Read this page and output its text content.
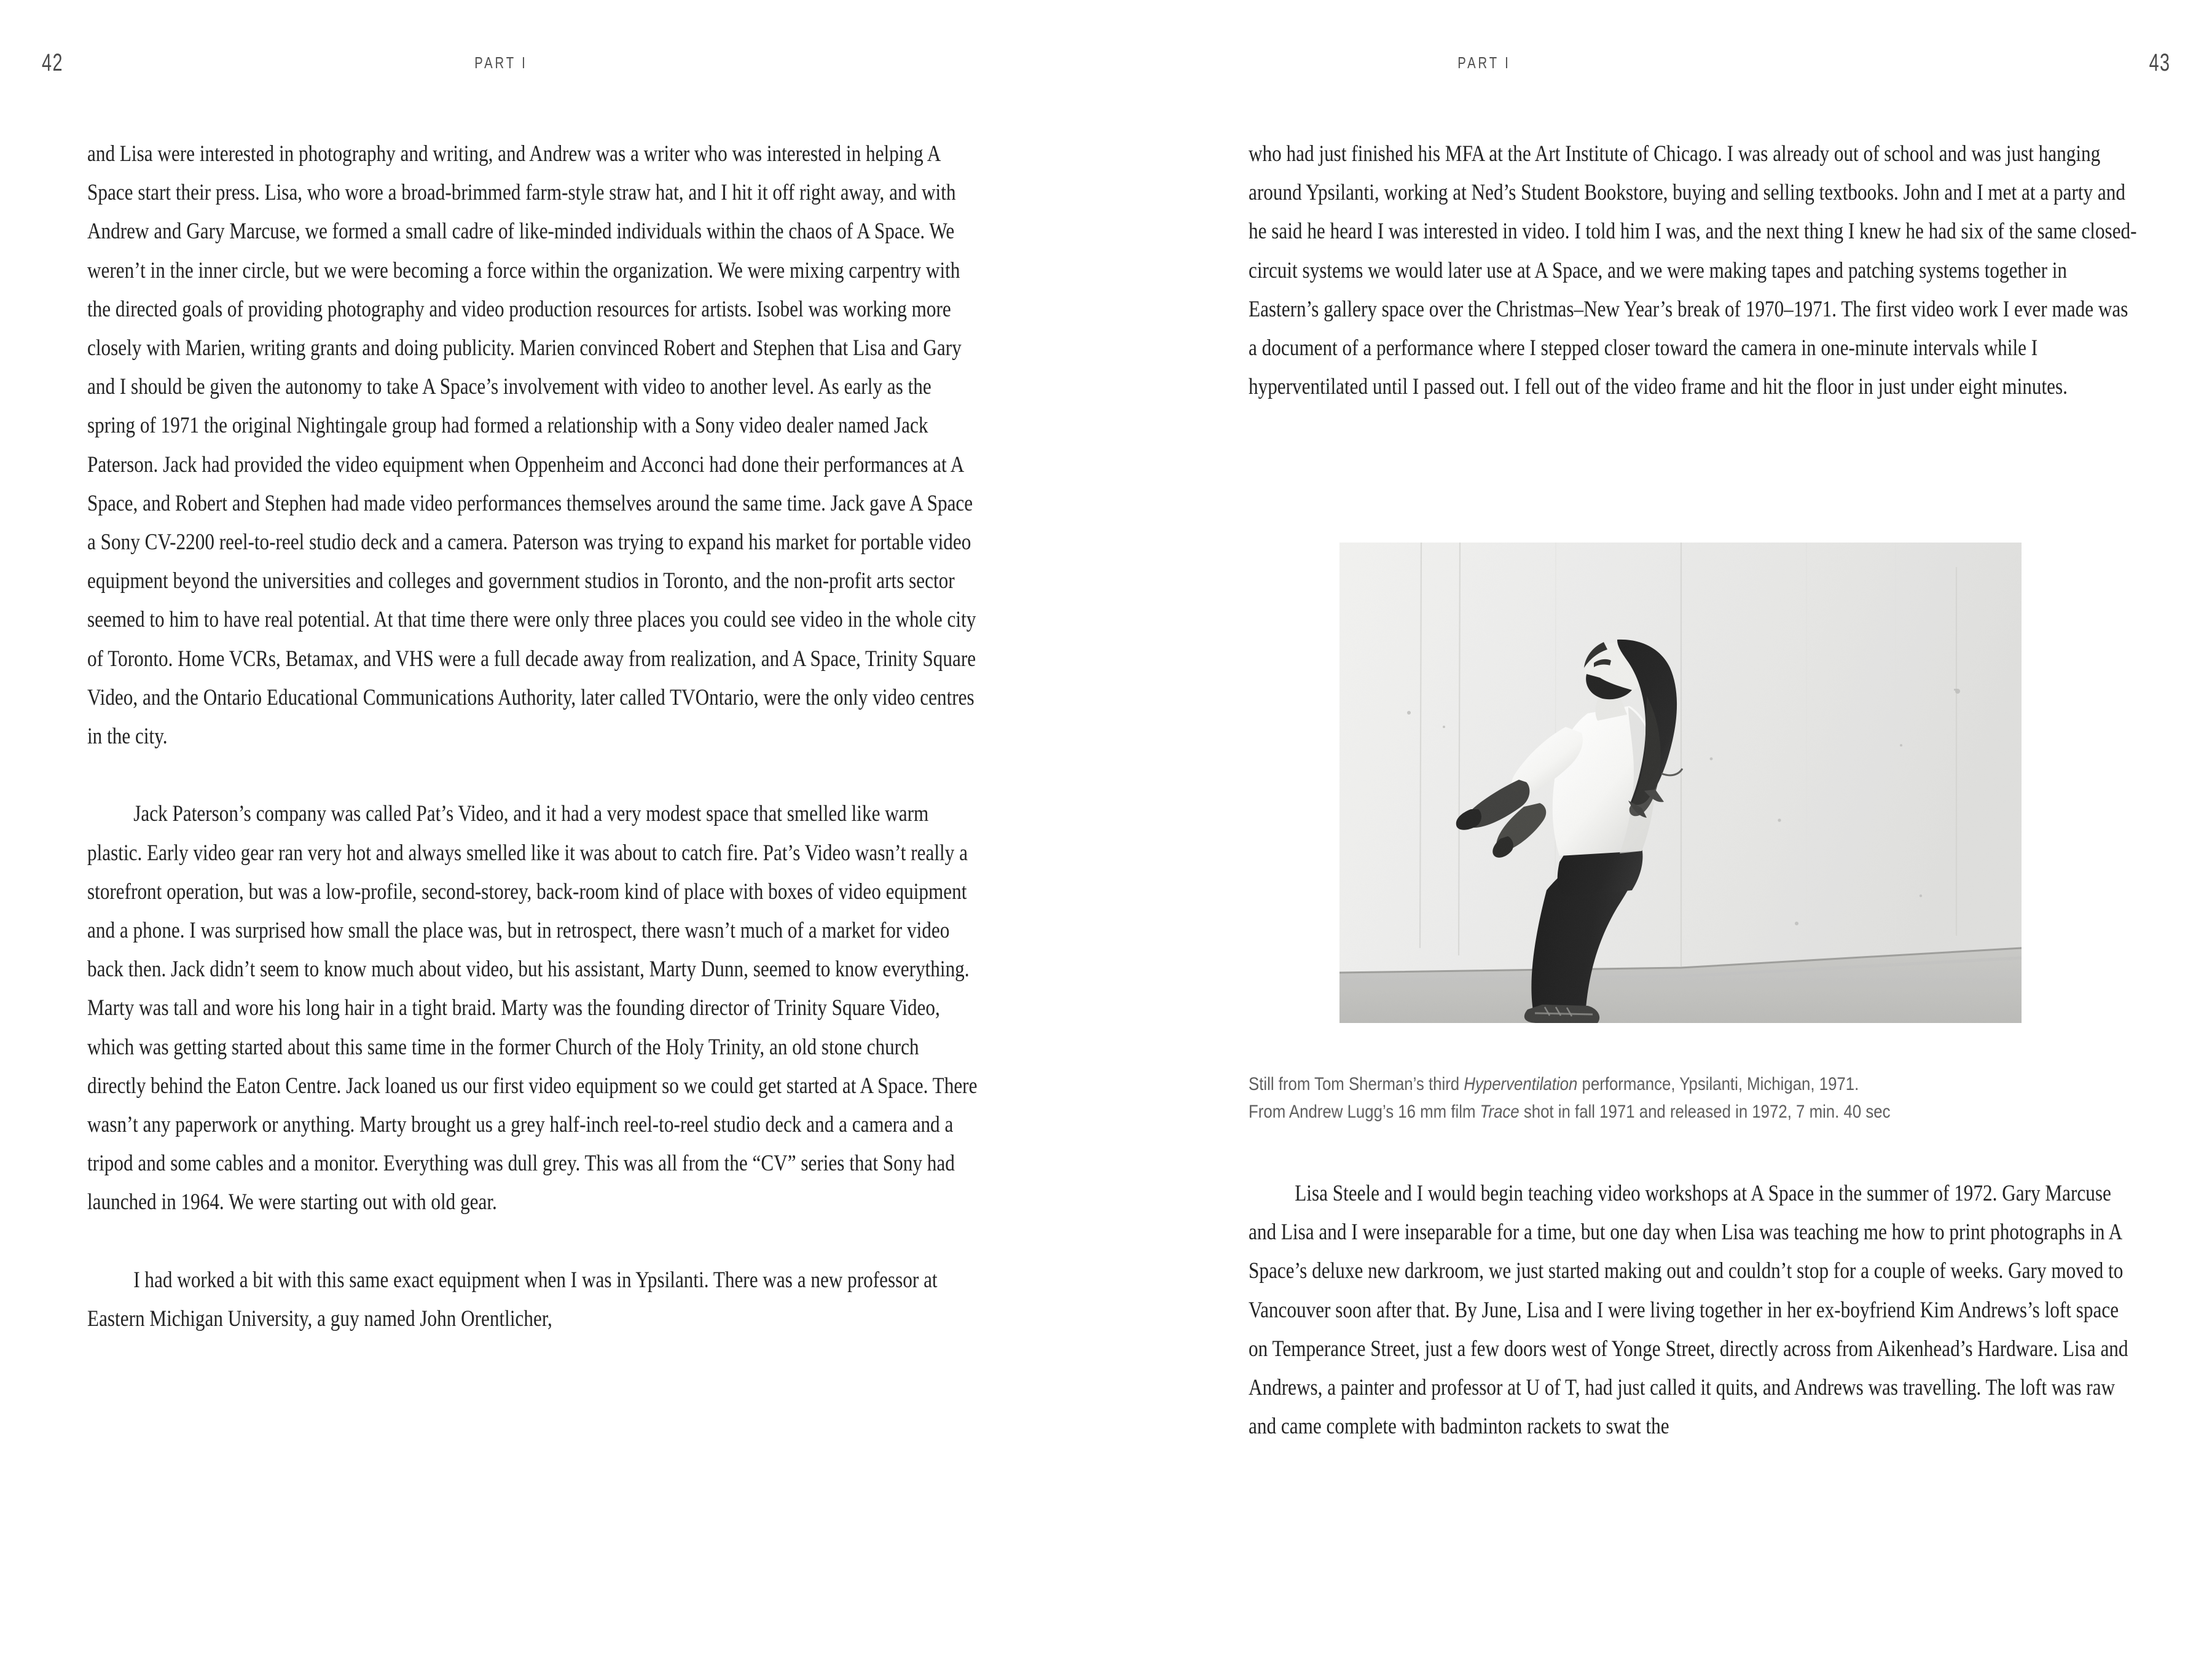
42	PART I

and Lisa were interested in photography and writing, and Andrew was a writer who was interested in helping A Space start their press. Lisa, who wore a broad-brimmed farm-style straw hat, and I hit it off right away, and with Andrew and Gary Marcuse, we formed a small cadre of like-minded individuals within the chaos of A Space. We weren’t in the inner circle, but we were becoming a force within the organization. We were mixing carpentry with the directed goals of providing photography and video production resources for artists. Isobel was working more closely with Marien, writing grants and doing publicity. Marien convinced Robert and Stephen that Lisa and Gary and I should be given the autonomy to take A Space’s involvement with video to another level. As early as the spring of 1971 the original Nightingale group had formed a relationship with a Sony video dealer named Jack Paterson. Jack had provided the video equipment when Oppenheim and Acconci had done their performances at A Space, and Robert and Stephen had made video performances themselves around the same time. Jack gave A Space a Sony CV-2200 reel-to-reel studio deck and a camera. Paterson was trying to expand his market for portable video equipment beyond the universities and colleges and government studios in Toronto, and the non-profit arts sector seemed to him to have real potential. At that time there were only three places you could see video in the whole city of Toronto. Home VCRs, Betamax, and VHS were a full decade away from realization, and A Space, Trinity Square Video, and the Ontario Educational Communications Authority, later called TVOntario, were the only video centres in the city.

Jack Paterson’s company was called Pat’s Video, and it had a very modest space that smelled like warm plastic. Early video gear ran very hot and always smelled like it was about to catch fire. Pat’s Video wasn’t really a storefront operation, but was a low-profile, second-storey, back-room kind of place with boxes of video equipment and a phone. I was surprised how small the place was, but in retrospect, there wasn’t much of a market for video back then. Jack didn’t seem to know much about video, but his assistant, Marty Dunn, seemed to know everything. Marty was tall and wore his long hair in a tight braid. Marty was the founding director of Trinity Square Video, which was getting started about this same time in the former Church of the Holy Trinity, an old stone church directly behind the Eaton Centre. Jack loaned us our first video equipment so we could get started at A Space. There wasn’t any paperwork or anything. Marty brought us a grey half-inch reel-to-reel studio deck and a camera and a tripod and some cables and a monitor. Everything was dull grey. This was all from the “CV” series that Sony had launched in 1964. We were starting out with old gear.

I had worked a bit with this same exact equipment when I was in Ypsilanti. There was a new professor at Eastern Michigan University, a guy named John Orentlicher,

PART I	43

who had just finished his MFA at the Art Institute of Chicago. I was already out of school and was just hanging around Ypsilanti, working at Ned’s Student Bookstore, buying and selling textbooks. John and I met at a party and he said he heard I was interested in video. I told him I was, and the next thing I knew he had six of the same closed-circuit systems we would later use at A Space, and we were making tapes and patching systems together in Eastern’s gallery space over the Christmas–New Year’s break of 1970–1971. The first video work I ever made was a document of a performance where I stepped closer toward the camera in one-minute intervals while I hyperventilated until I passed out. I fell out of the video frame and hit the floor in just under eight minutes.

Still from Tom Sherman’s third Hyperventilation performance, Ypsilanti, Michigan, 1971.
From Andrew Lugg’s 16 mm film Trace shot in fall 1971 and released in 1972, 7 min. 40 sec

Lisa Steele and I would begin teaching video workshops at A Space in the summer of 1972. Gary Marcuse and Lisa and I were inseparable for a time, but one day when Lisa was teaching me how to print photographs in A Space’s deluxe new darkroom, we just started making out and couldn’t stop for a couple of weeks. Gary moved to Vancouver soon after that. By June, Lisa and I were living together in her ex-boyfriend Kim Andrews’s loft space on Temperance Street, just a few doors west of Yonge Street, directly across from Aikenhead’s Hardware. Lisa and Andrews, a painter and professor at U of T, had just called it quits, and Andrews was travelling. The loft was raw and came complete with badminton rackets to swat the
